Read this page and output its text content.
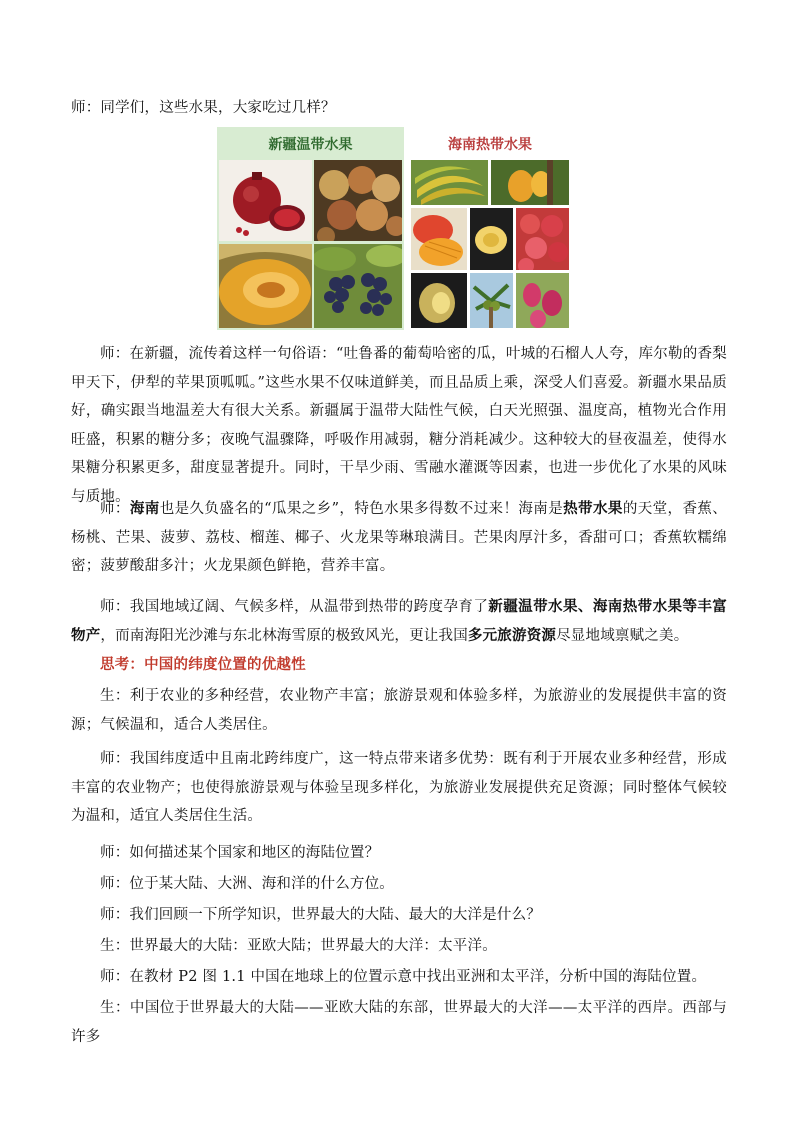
师：同学们，这些水果，大家吃过几样？

新疆温带水果	海南热带水果

师：在新疆，流传着这样一句俗语：“吐鲁番的葡萄哈密的瓜，叶城的石榴人人夸，库尔勒的香梨甲天下，伊犁的苹果顶呱呱。”这些水果不仅味道鲜美，而且品质上乘，深受人们喜爱。新疆水果品质好，确实跟当地温差大有很大关系。新疆属于温带大陆性气候，白天光照强、温度高，植物光合作用旺盛，积累的糖分多；夜晚气温骤降，呼吸作用减弱，糖分消耗减少。这种较大的昼夜温差，使得水果糖分积累更多，甜度显著提升。同时，干旱少雨、雪融水灌溉等因素，也进一步优化了水果的风味与质地。

师：海南也是久负盛名的“瓜果之乡”，特色水果多得数不过来！海南是热带水果的天堂，香蕉、杨桃、芒果、菠萝、荔枝、榴莲、椰子、火龙果等琳琅满目。芒果肉厚汁多，香甜可口；香蕉软糯绵密；菠萝酸甜多汁；火龙果颜色鲜艳，营养丰富。

师：我国地域辽阔、气候多样，从温带到热带的跨度孕育了新疆温带水果、海南热带水果等丰富物产，而南海阳光沙滩与东北林海雪原的极致风光，更让我国多元旅游资源尽显地域禀赋之美。

思考：中国的纬度位置的优越性

生：利于农业的多种经营，农业物产丰富；旅游景观和体验多样，为旅游业的发展提供丰富的资源；气候温和，适合人类居住。

师：我国纬度适中且南北跨纬度广，这一特点带来诸多优势：既有利于开展农业多种经营，形成丰富的农业物产；也使得旅游景观与体验呈现多样化，为旅游业发展提供充足资源；同时整体气候较为温和，适宜人类居住生活。

师：如何描述某个国家和地区的海陆位置？

师：位于某大陆、大洲、海和洋的什么方位。

师：我们回顾一下所学知识，世界最大的大陆、最大的大洋是什么？

生：世界最大的大陆：亚欧大陆；世界最大的大洋：太平洋。

师：在教材 P2 图 1.1 中国在地球上的位置示意中找出亚洲和太平洋，分析中国的海陆位置。

生：中国位于世界最大的大陆——亚欧大陆的东部，世界最大的大洋——太平洋的西岸。西部与许多
